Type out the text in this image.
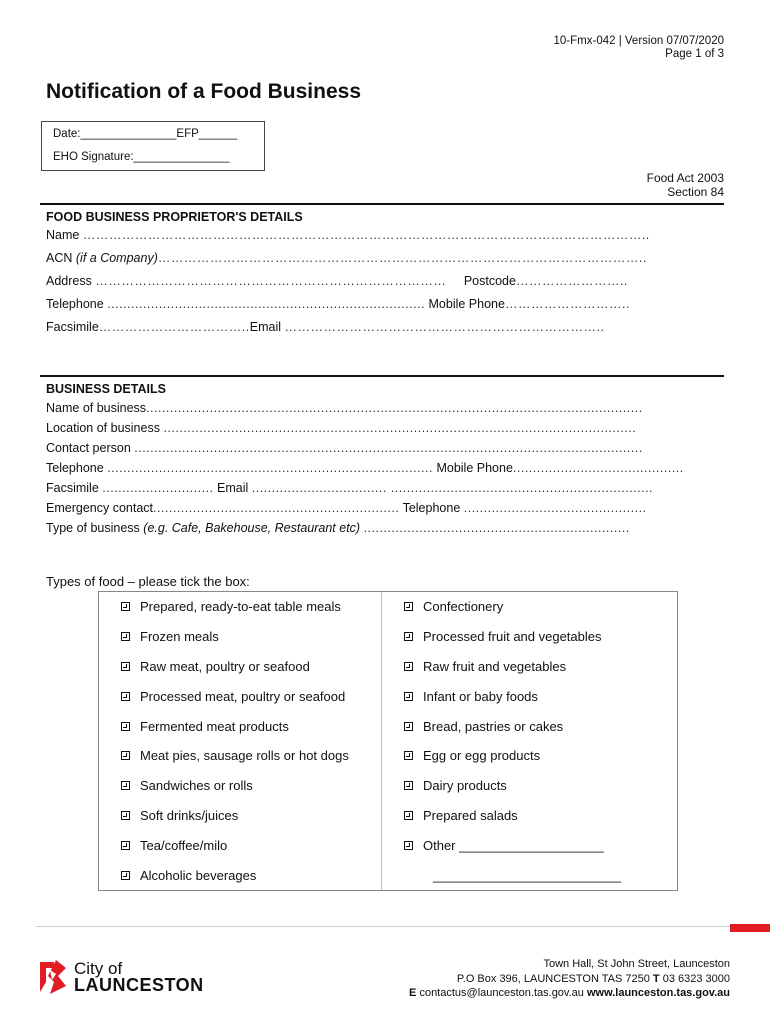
10-Fmx-042 | Version 07/07/2020
Page 1 of 3
Notification of a Food Business
Date:_______________EFP______
EHO Signature:_______________
Food Act 2003
Section 84
FOOD BUSINESS PROPRIETOR'S DETAILS
Name …………………………………………………………………………………………………………………..
ACN (if a Company)…………………………………………………………………………………………………..
Address ……………………………………………………………………… Postcode……………………..
Telephone ................................................................................ Mobile Phone………………………..
Facsimile……………………………..Email ………………………………………………………………..
BUSINESS DETAILS
Name of business.............................................................................................................................
Location of business .......................................................................................................................
Contact person ................................................................................................................................
Telephone .................................................................................. Mobile Phone...........................................
Facsimile ............................ Email .................................. ..................................................................
Emergency contact.............................................................. Telephone ..............................................
Type of business (e.g. Cafe, Bakehouse, Restaurant etc) ...................................................................
Types of food – please tick the box:
Prepared, ready-to-eat table meals
Frozen meals
Raw meat, poultry or seafood
Processed meat, poultry or seafood
Fermented meat products
Meat pies, sausage rolls or hot dogs
Sandwiches or rolls
Soft drinks/juices
Tea/coffee/milo
Alcoholic beverages
Confectionery
Processed fruit and vegetables
Raw fruit and vegetables
Infant or baby foods
Bread, pastries or cakes
Egg or egg products
Dairy products
Prepared salads
Other ____________________
__________________________
City of
LAUNCESTON
Town Hall, St John Street, Launceston
P.O Box 396, LAUNCESTON TAS 7250 T 03 6323 3000
E contactus@launceston.tas.gov.au www.launceston.tas.gov.au
